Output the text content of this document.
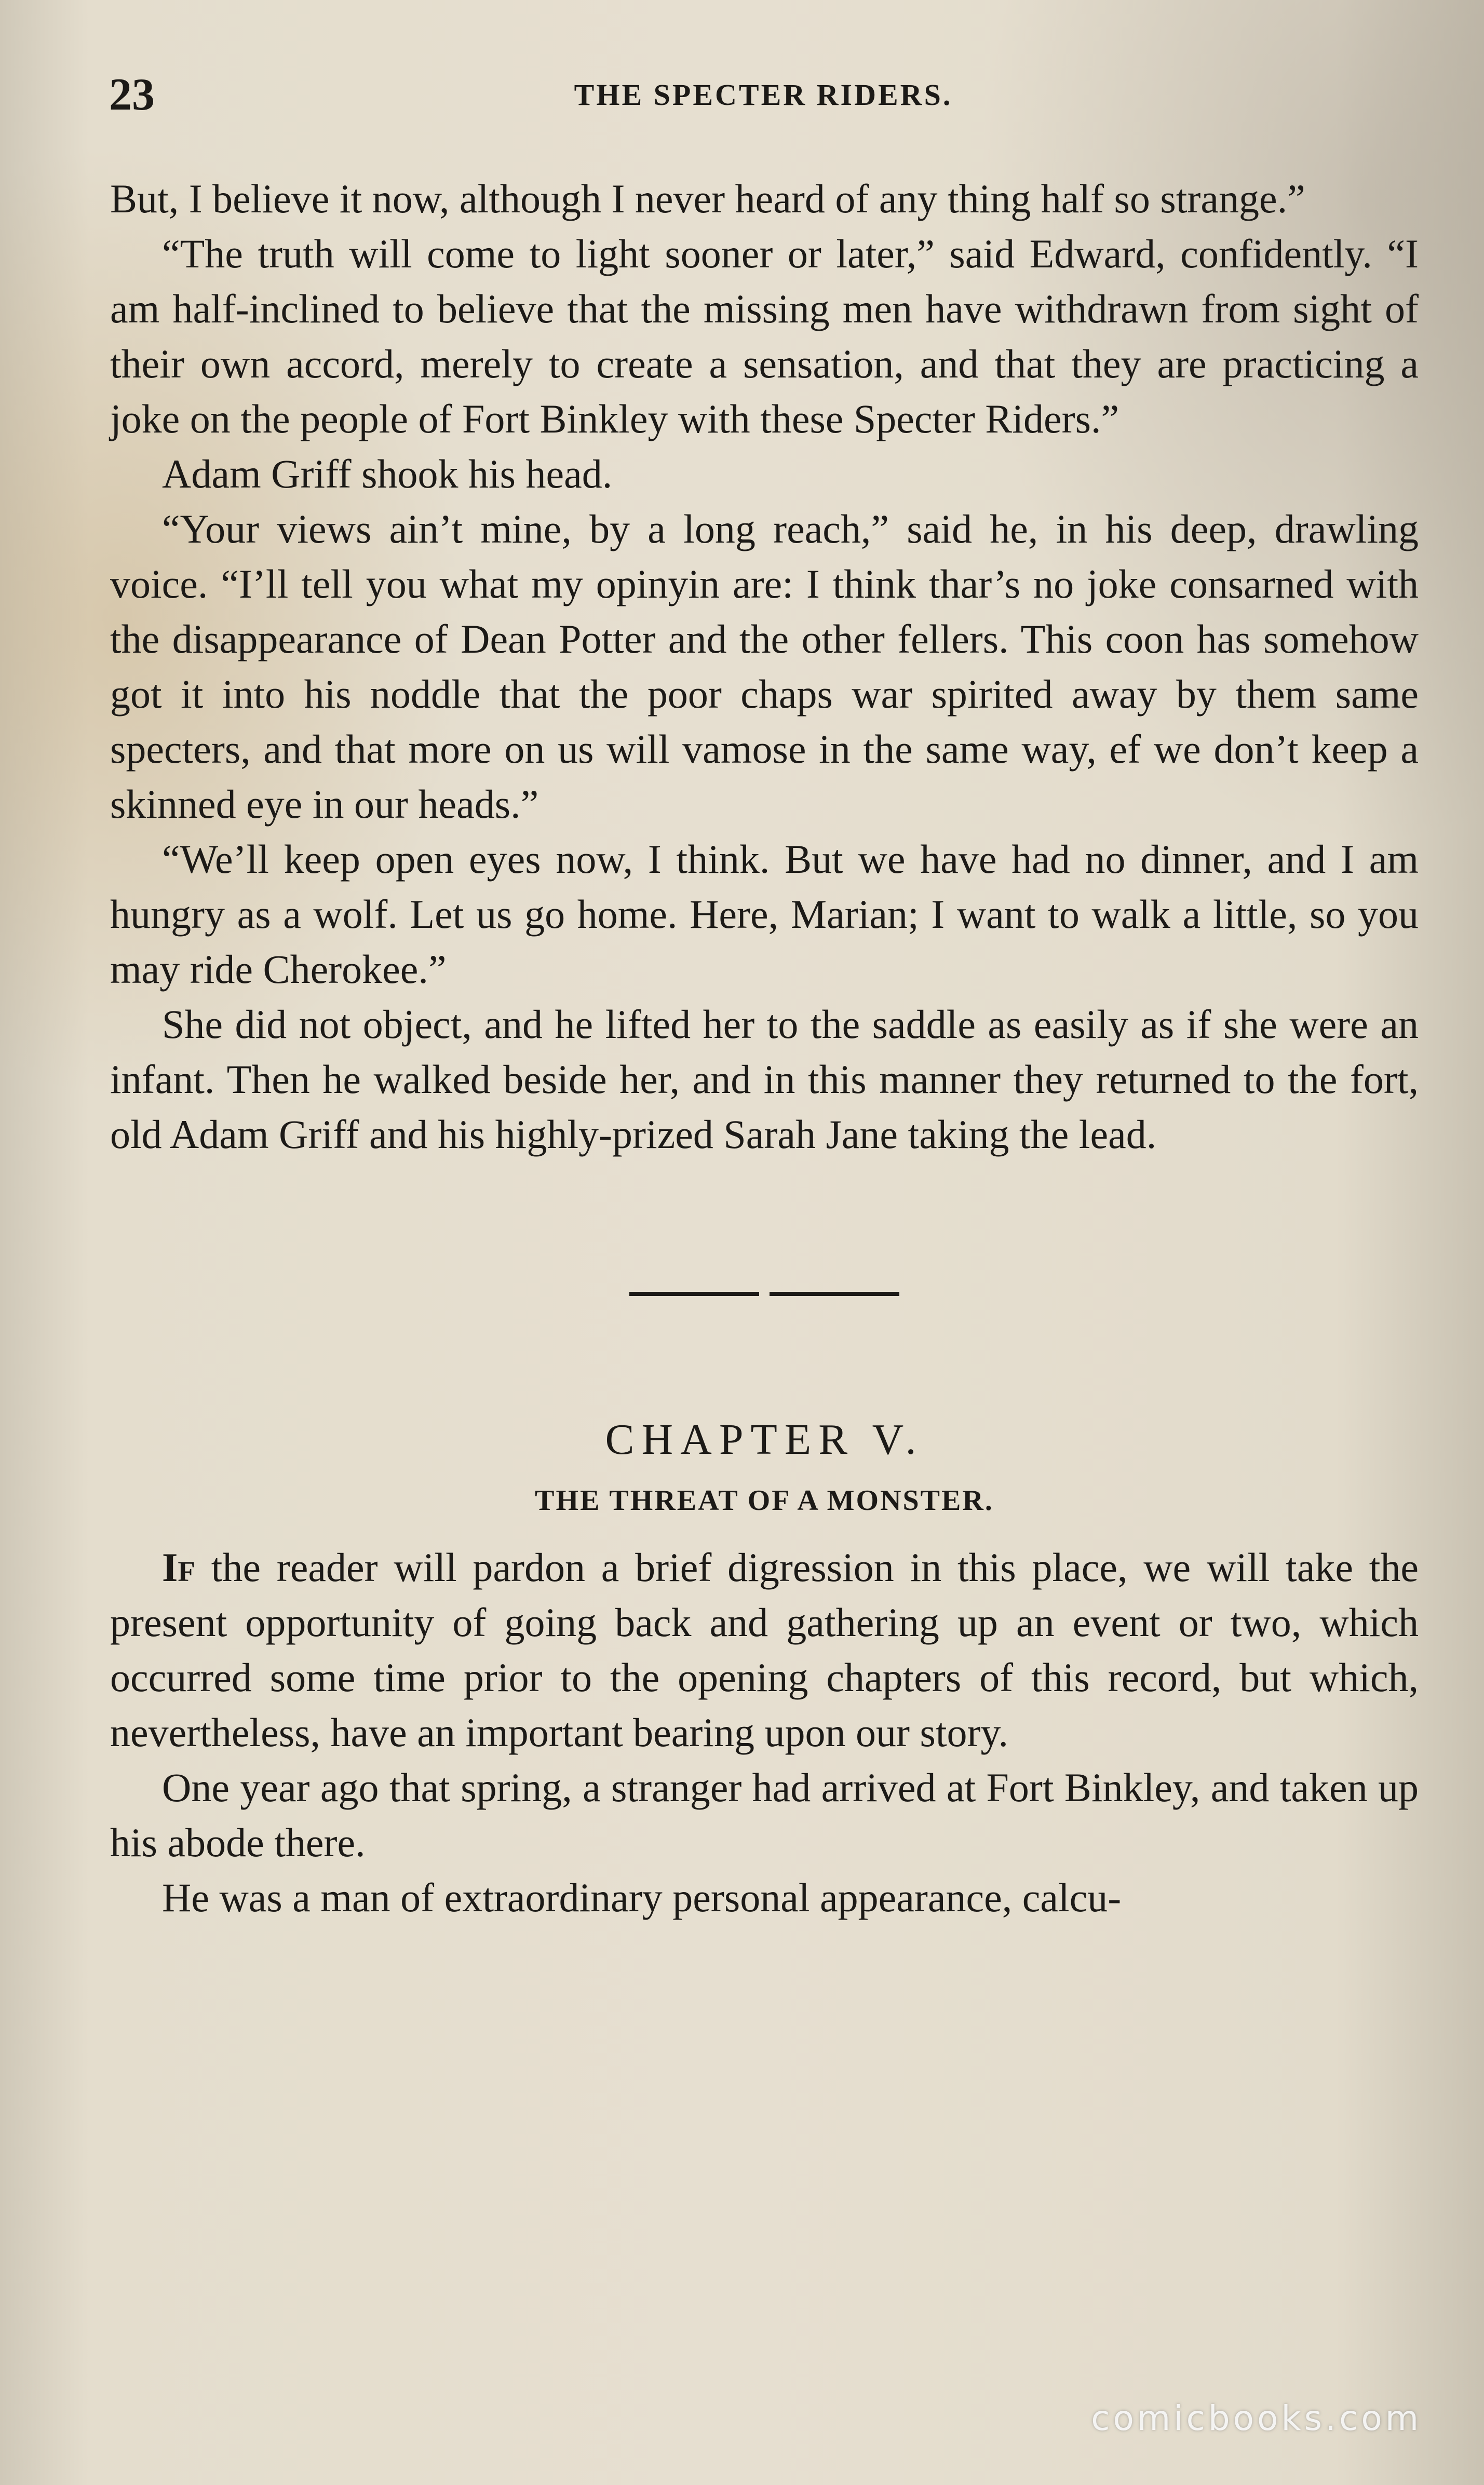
23	THE SPECTER RIDERS.

But, I believe it now, although I never heard of any thing half so strange.”

“The truth will come to light sooner or later,” said Edward, confidently. “I am half-inclined to believe that the missing men have withdrawn from sight of their own accord, merely to create a sensation, and that they are practicing a joke on the people of Fort Binkley with these Specter Riders.”

Adam Griff shook his head.

“Your views ain’t mine, by a long reach,” said he, in his deep, drawling voice. “I’ll tell you what my opinyin are: I think thar’s no joke consarned with the disappearance of Dean Potter and the other fellers. This coon has somehow got it into his noddle that the poor chaps war spirited away by them same specters, and that more on us will vamose in the same way, ef we don’t keep a skinned eye in our heads.”

“We’ll keep open eyes now, I think. But we have had no dinner, and I am hungry as a wolf. Let us go home. Here, Marian; I want to walk a little, so you may ride Cherokee.”

She did not object, and he lifted her to the saddle as easily as if she were an infant. Then he walked beside her, and in this manner they returned to the fort, old Adam Griff and his highly-prized Sarah Jane taking the lead.

CHAPTER V.
THE THREAT OF A MONSTER.

If the reader will pardon a brief digression in this place, we will take the present opportunity of going back and gathering up an event or two, which occurred some time prior to the opening chapters of this record, but which, nevertheless, have an important bearing upon our story.

One year ago that spring, a stranger had arrived at Fort Binkley, and taken up his abode there.

He was a man of extraordinary personal appearance, calcu-

comicbooks.com
